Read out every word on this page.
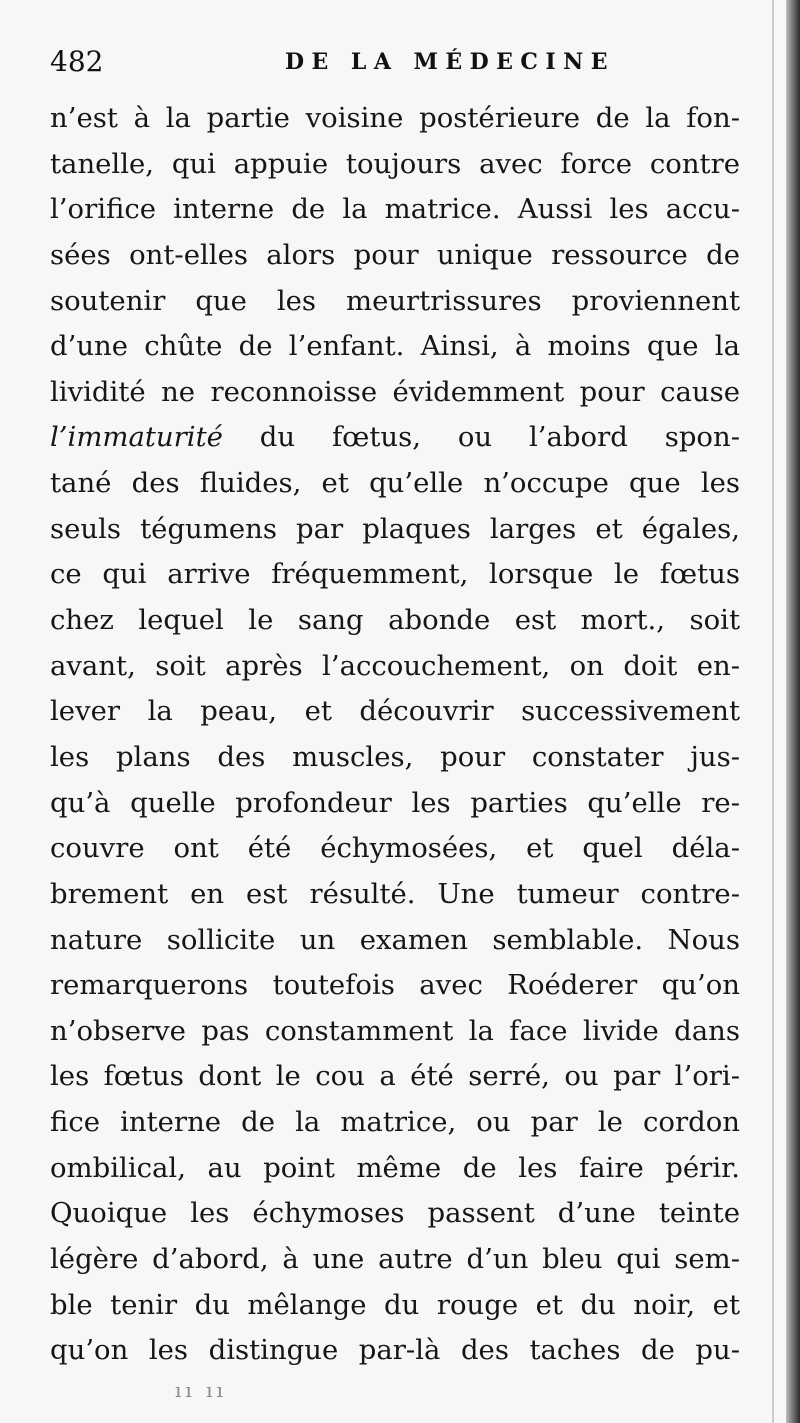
482	DE LA MÉDECINE
n’est à la partie voisine postérieure de la fon-
tanelle, qui appuie toujours avec force contre
l’orifice interne de la matrice. Aussi les accu-
sées ont-elles alors pour unique ressource de
soutenir que les meurtrissures proviennent
d’une chûte de l’enfant. Ainsi, à moins que la
lividité ne reconnoisse évidemment pour cause
l’immaturité du fœtus, ou l’abord spon-
tané des fluides, et qu’elle n’occupe que les
seuls tégumens par plaques larges et égales,
ce qui arrive fréquemment, lorsque le fœtus
chez lequel le sang abonde est mort., soit
avant, soit après l’accouchement, on doit en-
lever la peau, et découvrir successivement
les plans des muscles, pour constater jus-
qu’à quelle profondeur les parties qu’elle re-
couvre ont été échymosées, et quel déla-
brement en est résulté. Une tumeur contre-
nature sollicite un examen semblable. Nous
remarquerons toutefois avec Roéderer qu’on
n’observe pas constamment la face livide dans
les fœtus dont le cou a été serré, ou par l’ori-
fice interne de la matrice, ou par le cordon
ombilical, au point même de les faire périr.
Quoique les échymoses passent d’une teinte
légère d’abord, à une autre d’un bleu qui sem-
ble tenir du mêlange du rouge et du noir, et
qu’on les distingue par-là des taches de pu-
ıı ıı
